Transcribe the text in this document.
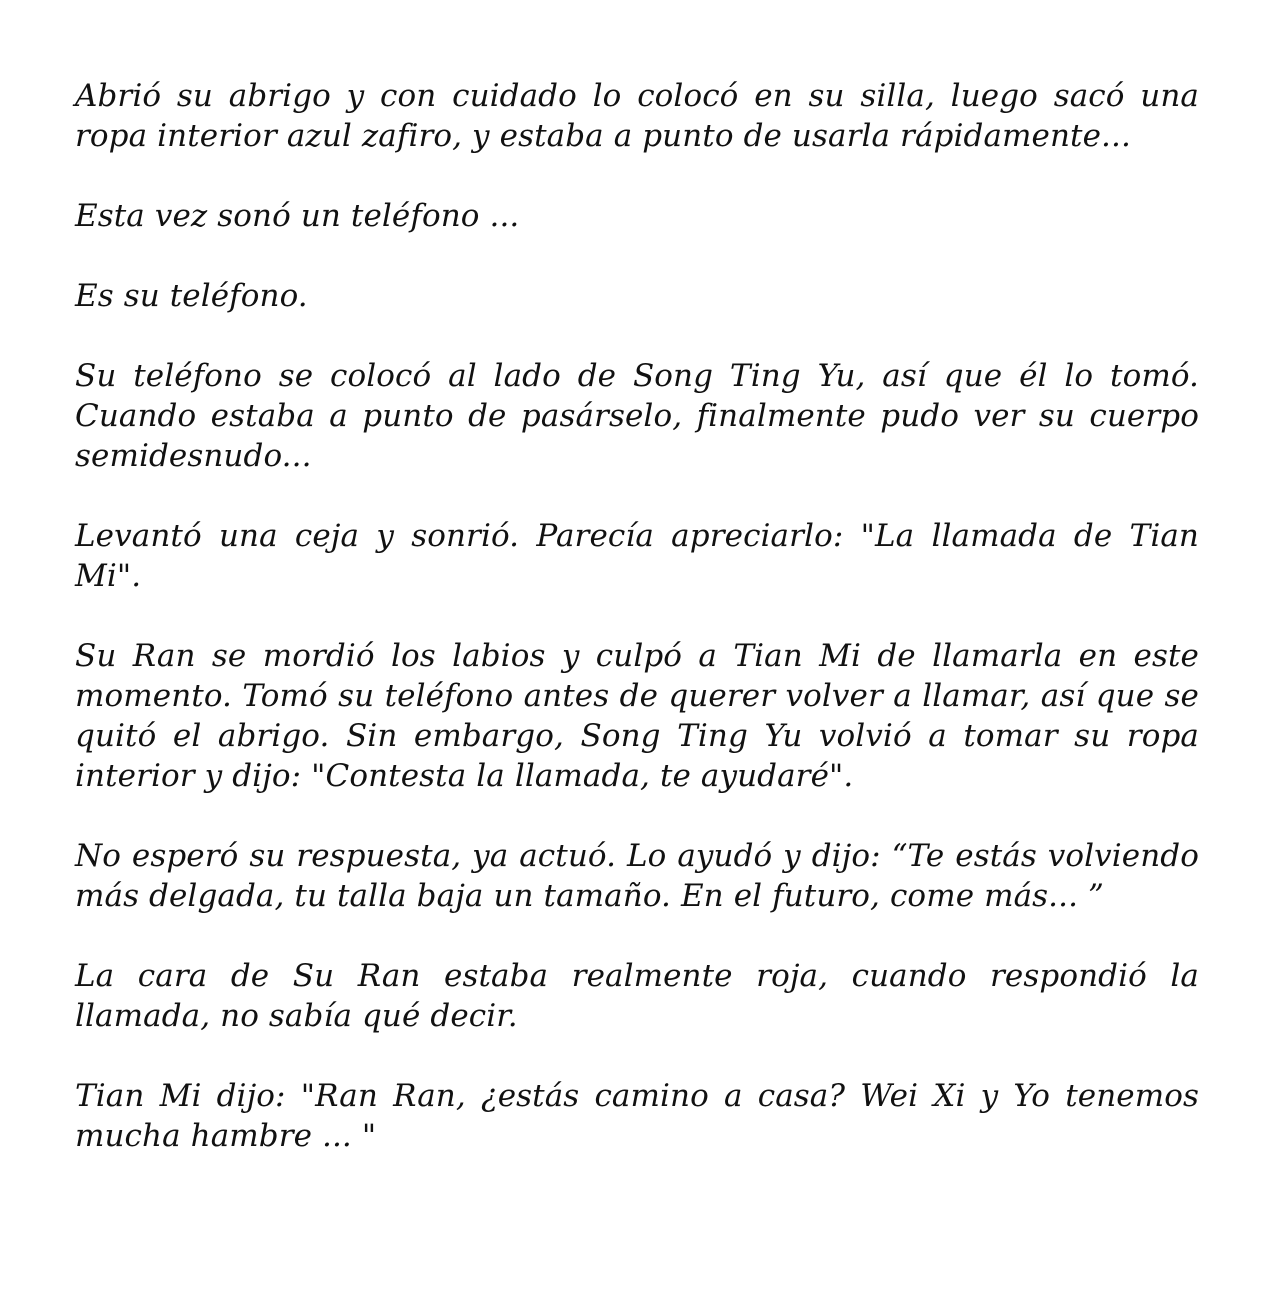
Abrió su abrigo y con cuidado lo colocó en su silla, luego sacó una ropa interior azul zafiro, y estaba a punto de usarla rápidamente...

Esta vez sonó un teléfono ...

Es su teléfono.

Su teléfono se colocó al lado de Song Ting Yu, así que él lo tomó. Cuando estaba a punto de pasárselo, finalmente pudo ver su cuerpo semidesnudo...

Levantó una ceja y sonrió. Parecía apreciarlo: "La llamada de Tian Mi".

Su Ran se mordió los labios y culpó a Tian Mi de llamarla en este momento. Tomó su teléfono antes de querer volver a llamar, así que se quitó el abrigo. Sin embargo, Song Ting Yu volvió a tomar su ropa interior y dijo: "Contesta la llamada, te ayudaré".

No esperó su respuesta, ya actuó. Lo ayudó y dijo: “Te estás volviendo más delgada, tu talla baja un tamaño. En el futuro, come más... ”

La cara de Su Ran estaba realmente roja, cuando respondió la llamada, no sabía qué decir.

Tian Mi dijo: "Ran Ran, ¿estás camino a casa? Wei Xi y Yo tenemos mucha hambre ... "
